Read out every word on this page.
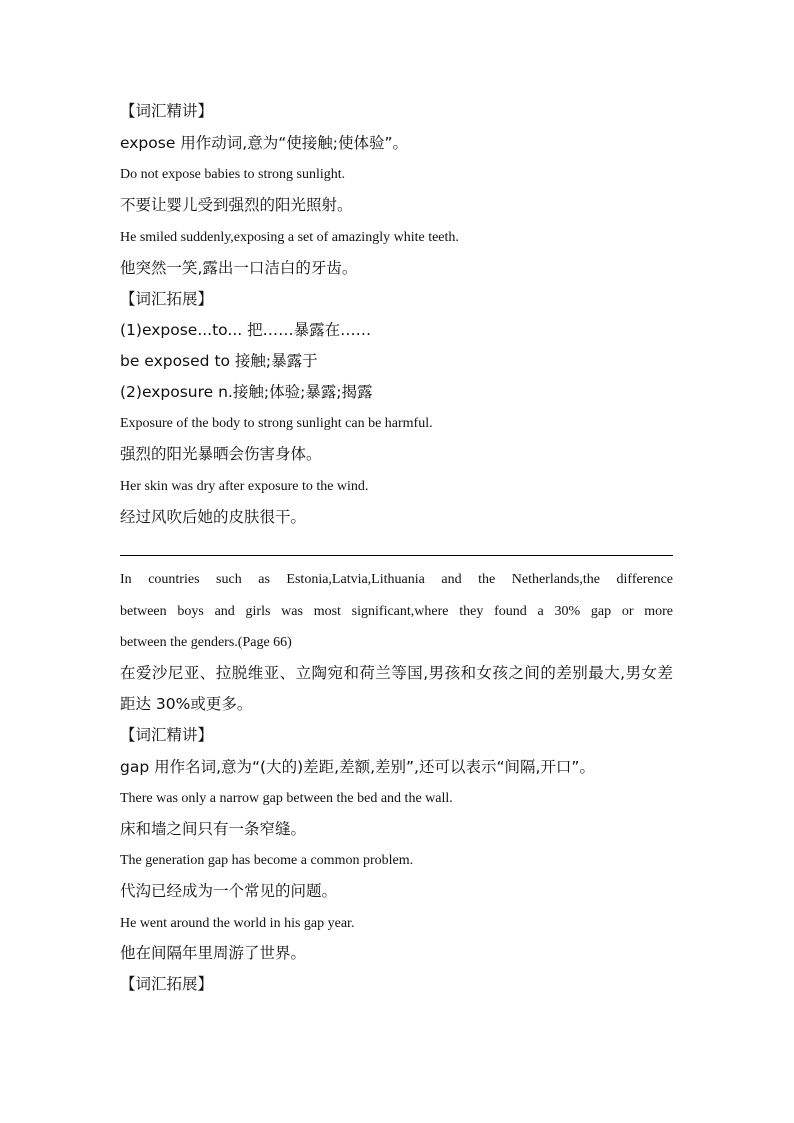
【词汇精讲】
expose 用作动词,意为“使接触;使体验”。
Do not expose babies to strong sunlight.
不要让婴儿受到强烈的阳光照射。
He smiled suddenly,exposing a set of amazingly white teeth.
他突然一笑,露出一口洁白的牙齿。
【词汇拓展】
(1)expose...to... 把……暴露在……
be exposed to 接触;暴露于
(2)exposure n.接触;体验;暴露;揭露
Exposure of the body to strong sunlight can be harmful.
强烈的阳光暴晒会伤害身体。
Her skin was dry after exposure to the wind.
经过风吹后她的皮肤很干。
In countries such as Estonia,Latvia,Lithuania and the Netherlands,the difference
between boys and girls was most significant,where they found a 30% gap or more
between the genders.(Page 66)
在爱沙尼亚、拉脱维亚、立陶宛和荷兰等国,男孩和女孩之间的差别最大,男女差
距达 30%或更多。
【词汇精讲】
gap 用作名词,意为“(大的)差距,差额,差别”,还可以表示“间隔,开口”。
There was only a narrow gap between the bed and the wall.
床和墙之间只有一条窄缝。
The generation gap has become a common problem.
代沟已经成为一个常见的问题。
He went around the world in his gap year.
他在间隔年里周游了世界。
【词汇拓展】
